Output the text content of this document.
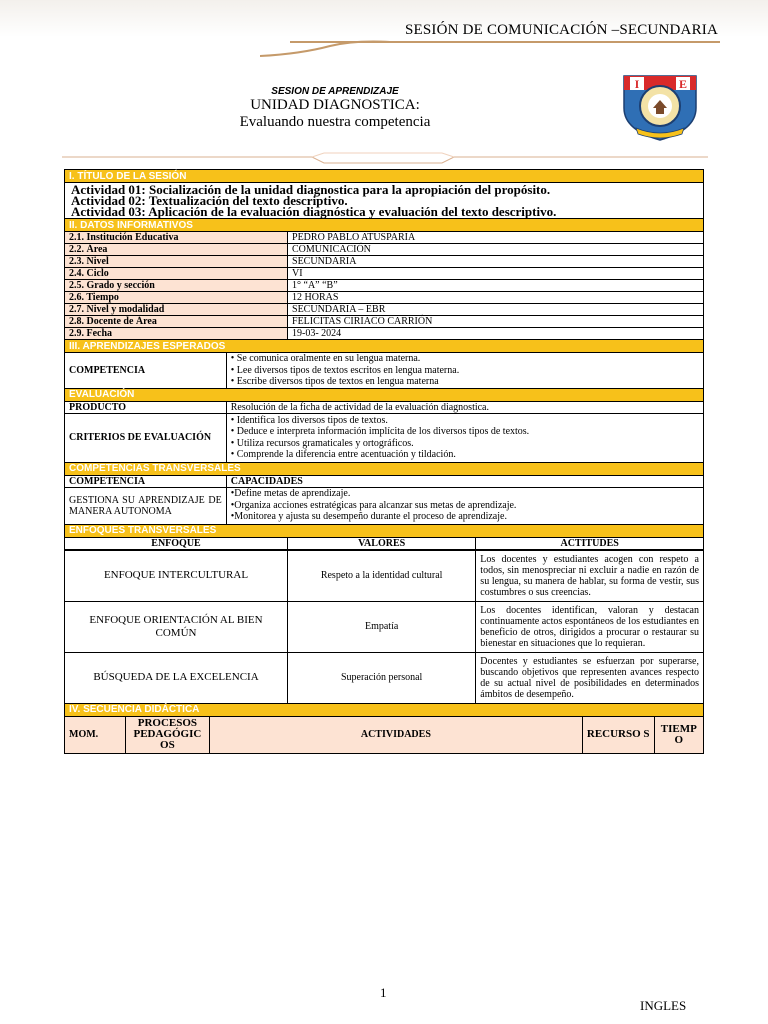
SESIÓN DE COMUNICACIÓN –SECUNDARIA
SESION DE APRENDIZAJE
UNIDAD DIAGNOSTICA:
Evaluando nuestra competencia
I	E
I. TÍTULO DE LA SESIÓN							

Actividad 01: Socialización de la unidad diagnostica para la apropiación del propósito.
Actividad 02: Textualización del texto descriptivo.
Actividad 03: Aplicación de la evaluación diagnóstica y evaluación del texto descriptivo.							

II. DATOS INFORMATIVOS							
2.1. Institución Educativa				PEDRO PABLO ATUSPARIA			
2.2. Área				COMUNICACIÓN			
2.3. Nivel				SECUNDARIA			
2.4. Ciclo				VI			
2.5. Grado y sección				1° “A” “B”			
2.6. Tiempo				12 HORAS			
2.7. Nivel y modalidad				SECUNDARIA – EBR			
2.8. Docente de Área				FELICITAS CIRIACO CARRIÓN			
2.9. Fecha				19-03- 2024			
III. APRENDIZAJES ESPERADOS							
COMPETENCIA			• Se comunica oralmente en su lengua materna.
• Lee diversos tipos de textos escritos en lengua materna.
• Escribe diversos tipos de textos en lengua materna				

EVALUACIÓN							
PRODUCTO			Resolución de la ficha de actividad de la evaluación diagnostica.				
CRITERIOS DE EVALUACIÓN			• Identifica los diversos tipos de textos.
• Deduce e interpreta información implícita de los diversos tipos de textos.
• Utiliza recursos gramaticales y ortográficos.
• Comprende la diferencia entre acentuación y tildación.				

COMPETENCIAS TRANSVERSALES							
COMPETENCIA			CAPACIDADES				
GESTIONA SU APRENDIZAJE DE MANERA AUTONOMA			•Define metas de aprendizaje.
•Organiza acciones estratégicas para alcanzar sus metas de aprendizaje.
•Monitorea y ajusta su desempeño durante el proceso de aprendizaje.				

ENFOQUES TRANSVERSALES							
ENFOQUE				VALORES	ACTITUDES		
ENFOQUE INTERCULTURAL				Respeto a la identidad cultural	Los docentes y estudiantes acogen con respeto a todos, sin menospreciar ni excluir a nadie en razón de su lengua, su manera de hablar, su forma de vestir, sus costumbres o sus creencias.		
ENFOQUE ORIENTACIÓN AL BIEN COMÚN				Empatía	Los docentes identifican, valoran y destacan continuamente actos espontáneos de los estudiantes en beneficio de otros, dirigidos a procurar o restaurar su bienestar en situaciones que lo requieran.		
BÚSQUEDA DE LA EXCELENCIA				Superación personal	Docentes y estudiantes se esfuerzan por superarse, buscando objetivos que representen avances respecto de su actual nivel de posibilidades en determinados ámbitos de desempeño.		
IV. SECUENCIA DIDÁCTICA							
MOM.	PROCESOS PEDAGÓGIC OS	ACTIVIDADES				RECURSO S	TIEMP O
1
INGLES
